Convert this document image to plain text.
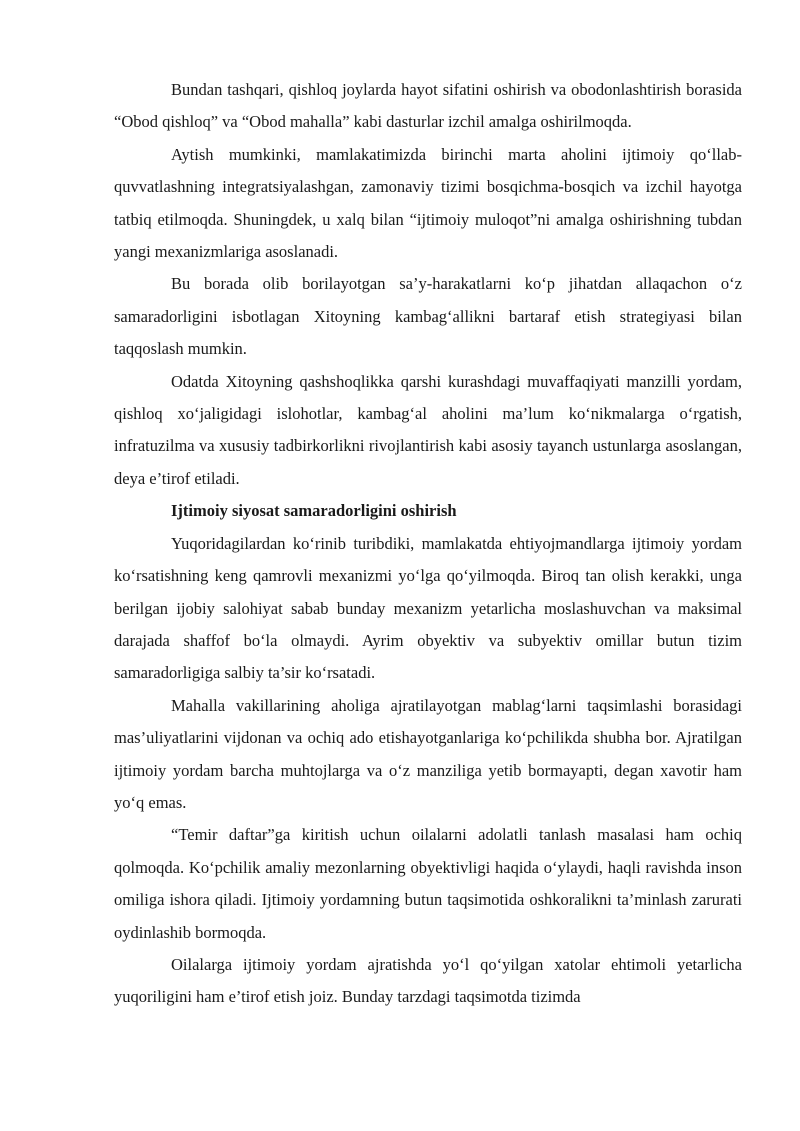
Bundan tashqari, qishloq joylarda hayot sifatini oshirish va obodonlashtirish borasida “Obod qishloq” va “Obod mahalla” kabi dasturlar izchil amalga oshirilmoqda.

Aytish mumkinki, mamlakatimizda birinchi marta aholini ijtimoiy qo‘llab-quvvatlashning integratsiyalashgan, zamonaviy tizimi bosqichma-bosqich va izchil hayotga tatbiq etilmoqda. Shuningdek, u xalq bilan “ijtimoiy muloqot”ni amalga oshirishning tubdan yangi mexanizmlariga asoslanadi.

Bu borada olib borilayotgan sa’y-harakatlarni ko‘p jihatdan allaqachon o‘z samaradorligini isbotlagan Xitoyning kambag‘allikni bartaraf etish strategiyasi bilan taqqoslash mumkin.

Odatda Xitoyning qashshoqlikka qarshi kurashdagi muvaffaqiyati manzilli yordam, qishloq xo‘jaligidagi islohotlar, kambag‘al aholini ma’lum ko‘nikmalarga o‘rgatish, infratuzilma va xususiy tadbirkorlikni rivojlantirish kabi asosiy tayanch ustunlarga asoslangan, deya e’tirof etiladi.

Ijtimoiy siyosat samaradorligini oshirish

Yuqoridagilardan ko‘rinib turibdiki, mamlakatda ehtiyojmandlarga ijtimoiy yordam ko‘rsatishning keng qamrovli mexanizmi yo‘lga qo‘yilmoqda. Biroq tan olish kerakki, unga berilgan ijobiy salohiyat sabab bunday mexanizm yetarlicha moslashuvchan va maksimal darajada shaffof bo‘la olmaydi. Ayrim obyektiv va subyektiv omillar butun tizim samaradorligiga salbiy ta’sir ko‘rsatadi.

Mahalla vakillarining aholiga ajratilayotgan mablag‘larni taqsimlashi borasidagi mas’uliyatlarini vijdonan va ochiq ado etishayotganlariga ko‘pchilikda shubha bor. Ajratilgan ijtimoiy yordam barcha muhtojlarga va o‘z manziliga yetib bormayapti, degan xavotir ham yo‘q emas.

“Temir daftar”ga kiritish uchun oilalarni adolatli tanlash masalasi ham ochiq qolmoqda. Ko‘pchilik amaliy mezonlarning obyektivligi haqida o‘ylaydi, haqli ravishda inson omiliga ishora qiladi. Ijtimoiy yordamning butun taqsimotida oshkoralikni ta’minlash zarurati oydinlashib bormoqda.

Oilalarga ijtimoiy yordam ajratishda yo‘l qo‘yilgan xatolar ehtimoli yetarlicha yuqoriligini ham e’tirof etish joiz. Bunday tarzdagi taqsimotda tizimda
